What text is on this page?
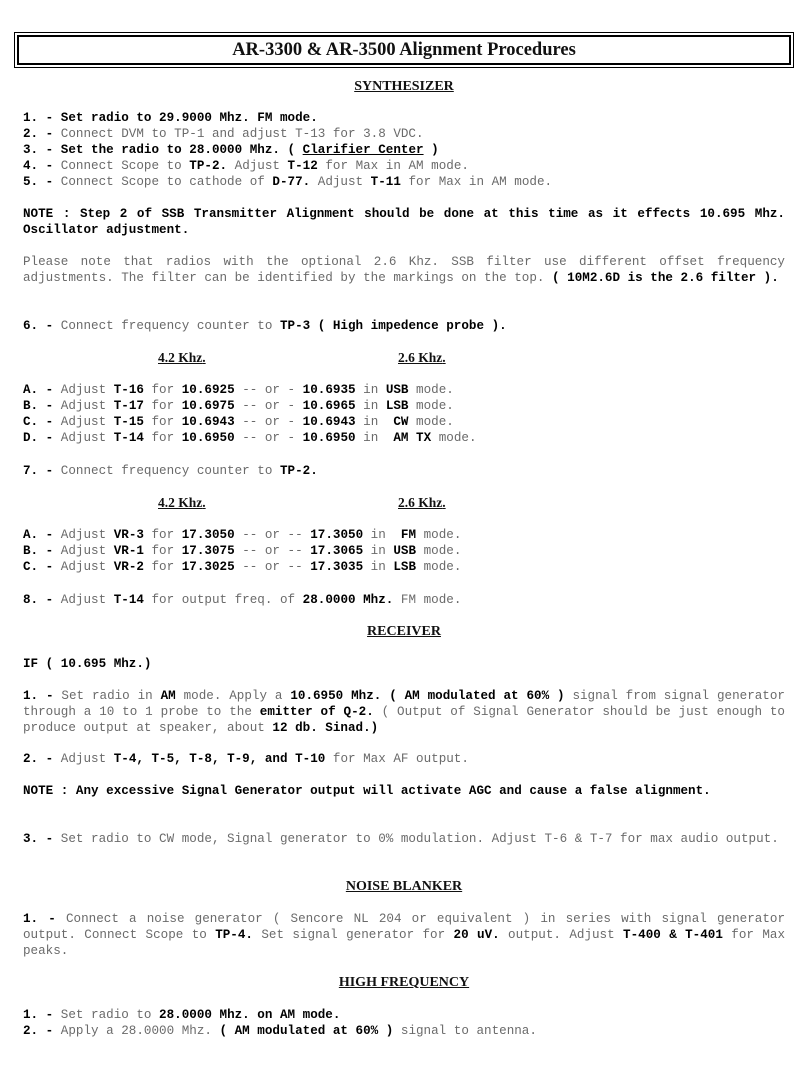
AR-3300 & AR-3500 Alignment Procedures
SYNTHESIZER
1. - Set radio to 29.9000 Mhz. FM mode.
2. - Connect DVM to TP-1 and adjust T-13 for 3.8 VDC.
3. - Set the radio to 28.0000 Mhz. ( Clarifier Center )
4. - Connect Scope to TP-2. Adjust T-12 for Max in AM mode.
5. - Connect Scope to cathode of D-77. Adjust T-11 for Max in AM mode.
NOTE : Step 2 of SSB Transmitter Alignment should be done at this time as it effects 10.695 Mhz. Oscillator adjustment.
Please note that radios with the optional 2.6 Khz. SSB filter use different offset frequency adjustments. The filter can be identified by the markings on the top. ( 10M2.6D is the 2.6 filter ).
6. - Connect frequency counter to TP-3 ( High impedence probe ).
4.2 Khz.	2.6 Khz.
A. - Adjust T-16 for 10.6925 -- or - 10.6935 in USB mode.
B. - Adjust T-17 for 10.6975 -- or - 10.6965 in LSB mode.
C. - Adjust T-15 for 10.6943 -- or - 10.6943 in  CW mode.
D. - Adjust T-14 for 10.6950 -- or - 10.6950 in  AM TX mode.
7. - Connect frequency counter to TP-2.
4.2 Khz.	2.6 Khz.
A. - Adjust VR-3 for 17.3050 -- or -- 17.3050 in  FM mode.
B. - Adjust VR-1 for 17.3075 -- or -- 17.3065 in USB mode.
C. - Adjust VR-2 for 17.3025 -- or -- 17.3035 in LSB mode.
8. - Adjust T-14 for output freq. of 28.0000 Mhz. FM mode.
RECEIVER
IF ( 10.695 Mhz.)
1. - Set radio in AM mode. Apply a 10.6950 Mhz. ( AM modulated at 60% ) signal from signal generator through a 10 to 1 probe to the emitter of Q-2. ( Output of Signal Generator should be just enough to produce output at speaker, about 12 db. Sinad.)
2. - Adjust T-4, T-5, T-8, T-9, and T-10 for Max AF output.
NOTE : Any excessive Signal Generator output will activate AGC and cause a false alignment.
3. - Set radio to CW mode, Signal generator to 0% modulation. Adjust T-6 & T-7 for max audio output.
NOISE BLANKER
1. - Connect a noise generator ( Sencore NL 204 or equivalent ) in series with signal generator output. Connect Scope to TP-4. Set signal generator for 20 uV. output. Adjust T-400 & T-401 for Max peaks.
HIGH FREQUENCY
1. - Set radio to 28.0000 Mhz. on AM mode.
2. - Apply a 28.0000 Mhz. ( AM modulated at 60% ) signal to antenna.
